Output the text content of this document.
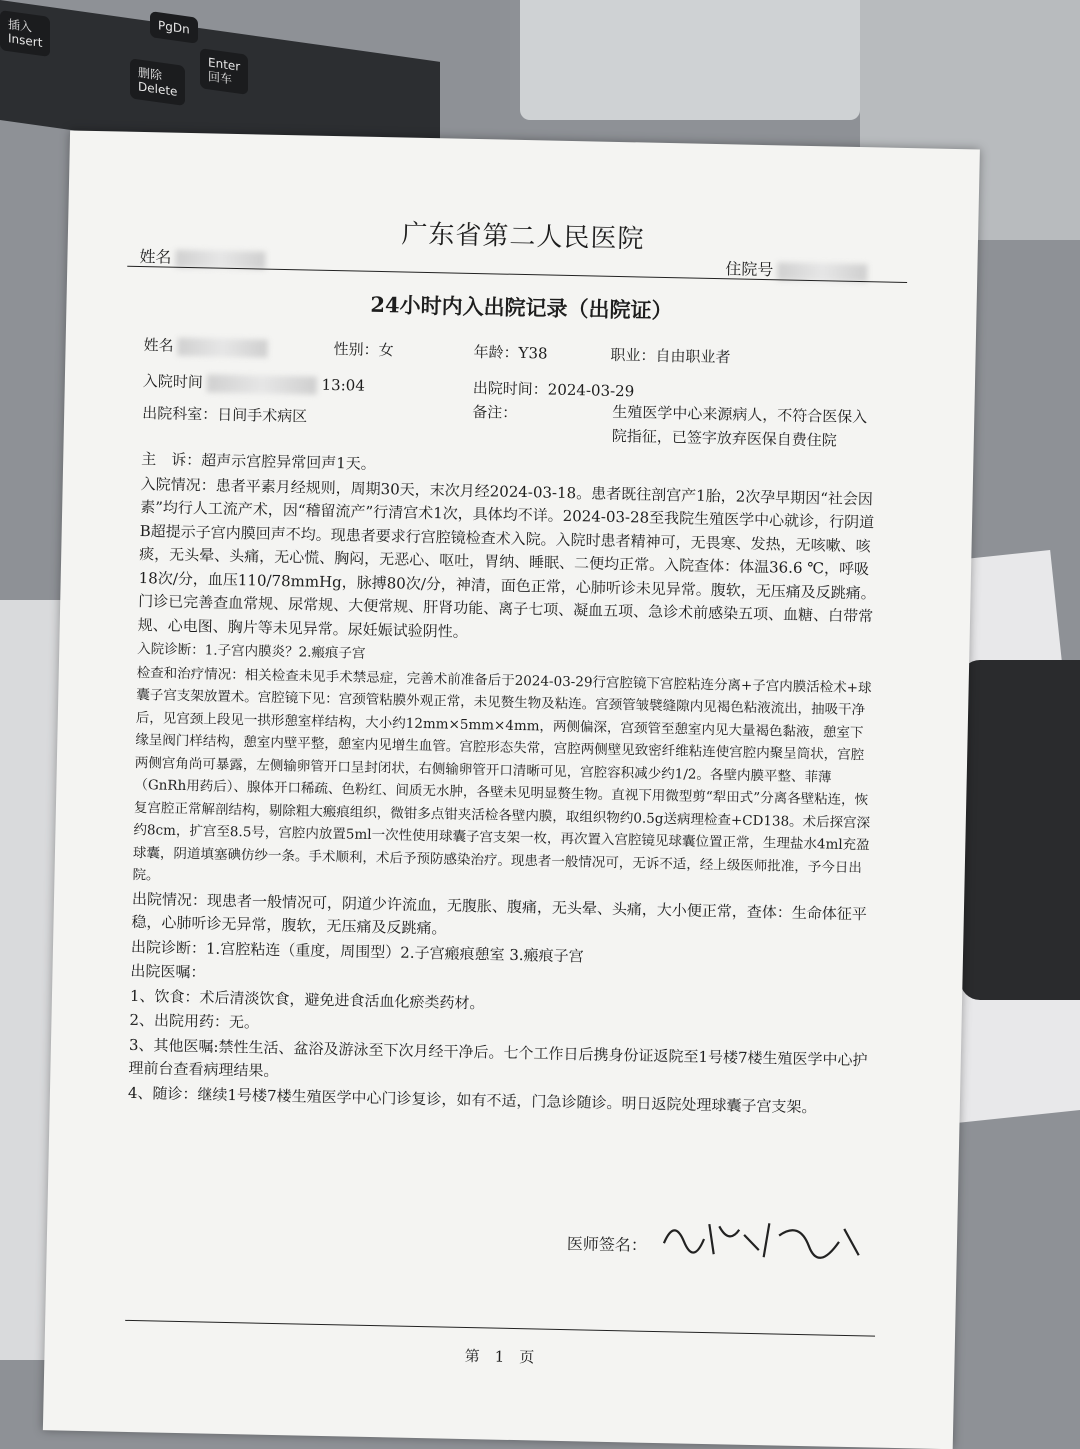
插入
Insert
PgDn
Enter
回车
删除
Delete
广东省第二人民医院
姓名
住院号
24小时内入出院记录（出院证）
姓名	性别：女	年龄：Y38	职业：自由职业者
入院时间	13:04	出院时间：2024-03-29
出院科室：日间手术病区	备注：	生殖医学中心来源病人，不符合医保入院指征，已签字放弃医保自费住院

主　诉：超声示宫腔异常回声1天。

入院情况：患者平素月经规则，周期30天，末次月经2024-03-18。患者既往剖宫产1胎，2次孕早期因“社会因素”均行人工流产术，因“稽留流产”行清宫术1次，具体均不详。2024-03-28至我院生殖医学中心就诊，行阴道B超提示子宫内膜回声不均。现患者要求行宫腔镜检查术入院。入院时患者精神可，无畏寒、发热，无咳嗽、咳痰，无头晕、头痛，无心慌、胸闷，无恶心、呕吐，胃纳、睡眠、二便均正常。入院查体：体温36.6 ℃，呼吸18次/分，血压110/78mmHg，脉搏80次/分，神清，面色正常，心肺听诊未见异常。腹软，无压痛及反跳痛。门诊已完善查血常规、尿常规、大便常规、肝肾功能、离子七项、凝血五项、急诊术前感染五项、血糖、白带常规、心电图、胸片等未见异常。尿妊娠试验阴性。

入院诊断：1.子宫内膜炎？2.瘢痕子宫

检查和治疗情况：相关检查未见手术禁忌症，完善术前准备后于2024-03-29行宫腔镜下宫腔粘连分离+子宫内膜活检术+球囊子宫支架放置术。宫腔镜下见：宫颈管粘膜外观正常，未见赘生物及粘连。宫颈管皱襞缝隙内见褐色粘液流出，抽吸干净后，见宫颈上段见一拱形憩室样结构，大小约12mm×5mm×4mm，两侧偏深，宫颈管至憩室内见大量褐色黏液，憩室下缘呈阀门样结构，憩室内壁平整，憩室内见增生血管。宫腔形态失常，宫腔两侧壁见致密纤维粘连使宫腔内聚呈筒状，宫腔两侧宫角尚可暴露，左侧输卵管开口呈封闭状，右侧输卵管开口清晰可见，宫腔容积减少约1/2。各壁内膜平整、菲薄（GnRh用药后）、腺体开口稀疏、色粉红、间质无水肿，各壁未见明显赘生物。直视下用微型剪“犁田式”分离各壁粘连，恢复宫腔正常解剖结构，剔除粗大瘢痕组织，微钳多点钳夹活检各壁内膜，取组织物约0.5g送病理检查+CD138。术后探宫深约8cm，扩宫至8.5号，宫腔内放置5ml一次性使用球囊子宫支架一枚，再次置入宫腔镜见球囊位置正常，生理盐水4ml充盈球囊，阴道填塞碘仿纱一条。手术顺利，术后予预防感染治疗。现患者一般情况可，无诉不适，经上级医师批准，予今日出院。

出院情况：现患者一般情况可，阴道少许流血，无腹胀、腹痛，无头晕、头痛，大小便正常，查体：生命体征平稳，心肺听诊无异常，腹软，无压痛及反跳痛。

出院诊断：1.宫腔粘连（重度，周围型）2.子宫瘢痕憩室 3.瘢痕子宫

出院医嘱：

1、饮食：术后清淡饮食，避免进食活血化瘀类药材。

2、出院用药：无。

3、其他医嘱:禁性生活、盆浴及游泳至下次月经干净后。七个工作日后携身份证返院至1号楼7楼生殖医学中心护理前台查看病理结果。

4、随诊：继续1号楼7楼生殖医学中心门诊复诊，如有不适，门急诊随诊。明日返院处理球囊子宫支架。

医师签名：
第　1　页
